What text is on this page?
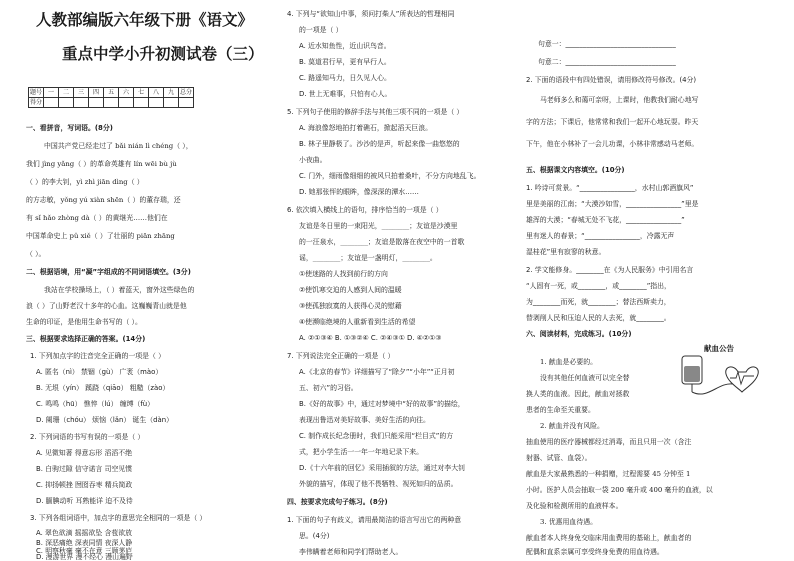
人教部编版六年级下册《语文》
重点中学小升初测试卷（三）
题号	一	二	三	四	五	六	七	八	九	总分
得分										
一、看拼音，写词语。(8分)
中国共产党已经走过了 bǎi nián lì chéng（ ），
我们 jìng yǎng（ ）的革命英雄有 lín wēi bù jù
（ ）的李大钊，yì zhì jiān dìng（ ）
的方志敏，yǒng yú xiàn shēn（ ）的董存瑞，还
有 sǐ hǎo zhòng dà（ ）的黄继光……他们在
中国革命史上 pǔ xiě（ ）了壮丽的 piān zhāng
（ ）。
二、根据语境，用“凝”字组成的不同词语填空。(3分)
我站在学校操场上，（ ）着蓝天，窗外这些绿色的
浪（ ）了山野老汉十多年的心血。这巍巍青山就是他
生命的印证，是他用生命书写的（ ）。
三、根据要求选择正确的答案。(14分)
1. 下列加点字的注音完全正确的一项是（ ）
A. 匿名（nì） 禁锢（gù） 广袤（mào）
B. 无垠（yín） 蹊跷（qiāo） 粗糙（zào）
C. 鸣鸣（hū） 憔悴（lú） 缠缚（fù）
D. 阑珊（chóu） 烦恼（lǎn） 诞生（dàn）
2. 下列词语的书写有误的一项是（ ）
A. 见微知著 得意忘形 滔滔不绝
B. 白驹过隙 信守诺言 司空见惯
C. 抑扬顿挫 囫囵吞枣 精兵简政
D. 腼腆动听 耳熟能详 迫不及待
3. 下列各组词语中，加点字的意思完全相同的一项是（ ）
A. 翠色欲滴 摇摇欲坠 含苞欲放
B. 深恶痛绝 深表同情 夜深人静
C. 明察秋毫 毫不在意 三顾茅庐
D. 漫游世界 漫不经心 漫山遍野
4. 下列与“欲知山中事，须问打柴人”所表达的哲理相同
的一项是（ ）
A. 近水知鱼性，近山识鸟音。
B. 莫道君行早，更有早行人。
C. 路遥知马力，日久见人心。
D. 世上无难事，只怕有心人。
5. 下列句子使用的修辞手法与其他三项不同的一项是（ ）
A. 海浪像怒地拍打着礁石，掀起滔天巨浪。
B. 林子里静极了。沙沙的是声，听起来像一曲悠悠的
小夜曲。
C. 门外，细雨像细细的被风只拍着桑叶，不分方向地乱飞。
D. 她那张怦的眼眸，像深深的潭水……
6. 依次填入横线上的语句，排序恰当的一项是（ ）
友谊是冬日里的一束阳光，________；友谊是沙漠里
的一汪泉水，________；友谊是散落在夜空中的一首歌
谣，________；友谊是一盏明灯，________。
①使迷路的人找到前行的方向
②使饥寒交迫的人感到人间的温暖
③使孤独寂寞的人获得心灵的慰藉
④使濒临绝境的人重新看到生活的希望
A. ②①③④ B. ①③②④ C. ②④③① D. ④②①③
7. 下列说法完全正确的一项是（ ）
A.《北京的春节》详细描写了“除夕”“小年”“正月初
五、初六”的习俗。
B.《好的故事》中，通过对梦境中“好的故事”的描绘，
表现出鲁迅对美好故事、美好生活的向往。
C. 制作成长纪念册时，我们只能采用“栏目式”的方
式，把小学生活一一年一年地记录下来。
D.《十六年前的回忆》采用插叙的方法，通过对李大钊
外貌的描写，体现了他不畏牺牲、视死如归的品质。
四、按要求完成句子练习。(8分)
1. 下面的句子有歧义，请用最简洁的语言写出它的两种意
思。(4分)
李伟瞒着老师和同学们帮助老人。
句意一：________________________________
句意二：________________________________
2. 下面的语段中有四处错误，请用修改符号修改。(4分)
马老师多么和蔼可亲呀，上课时，他教我们耐心地写
字的方法；下课后，他常常和我们一起开心地玩耍。昨天
下午，他在小林补了一会儿功课，小林非常感动马老师。
五、根据课文内容填空。(10分)
1. 吟诗可赏景。“________________，水村山郭酒旗风”
里是美丽的江南；“大漠沙如雪，________________”里是
雄浑的大漠；“春城无处不飞花，________________”
里有迷人的春景；“________________，冷露无声
湿桂花”里有寂寥的秋意。
2. 学文能修身。________在《为人民服务》中引用名言
“人固有一死，或________，或________”指出，
为________而死，就________；替法西斯卖力，
替剥削人民和压迫人民的人去死，就________。
六、阅读材料，完成练习。(10分)
献血公告
1. 献血是必要的。
没有其他任何血液可以完全替
换人类的血液。因此，献血对拯救
患者的生命至关重要。
2. 献血并没有风险。
抽血使用的医疗器械都经过消毒，而且只用一次（含注
射器、试管、血袋）。
献血是大家最熟悉的一种捐赠，过程需要 45 分钟至 1
小时。医护人员会抽取一袋 200 毫升或 400 毫升的血液，以
及化验和检测所用的血液样本。
3. 优惠用血待遇。
献血者本人终身免交临床用血费用的基础上，献血者的
配偶和直系亲属可享受终身免费的用血待遇。
